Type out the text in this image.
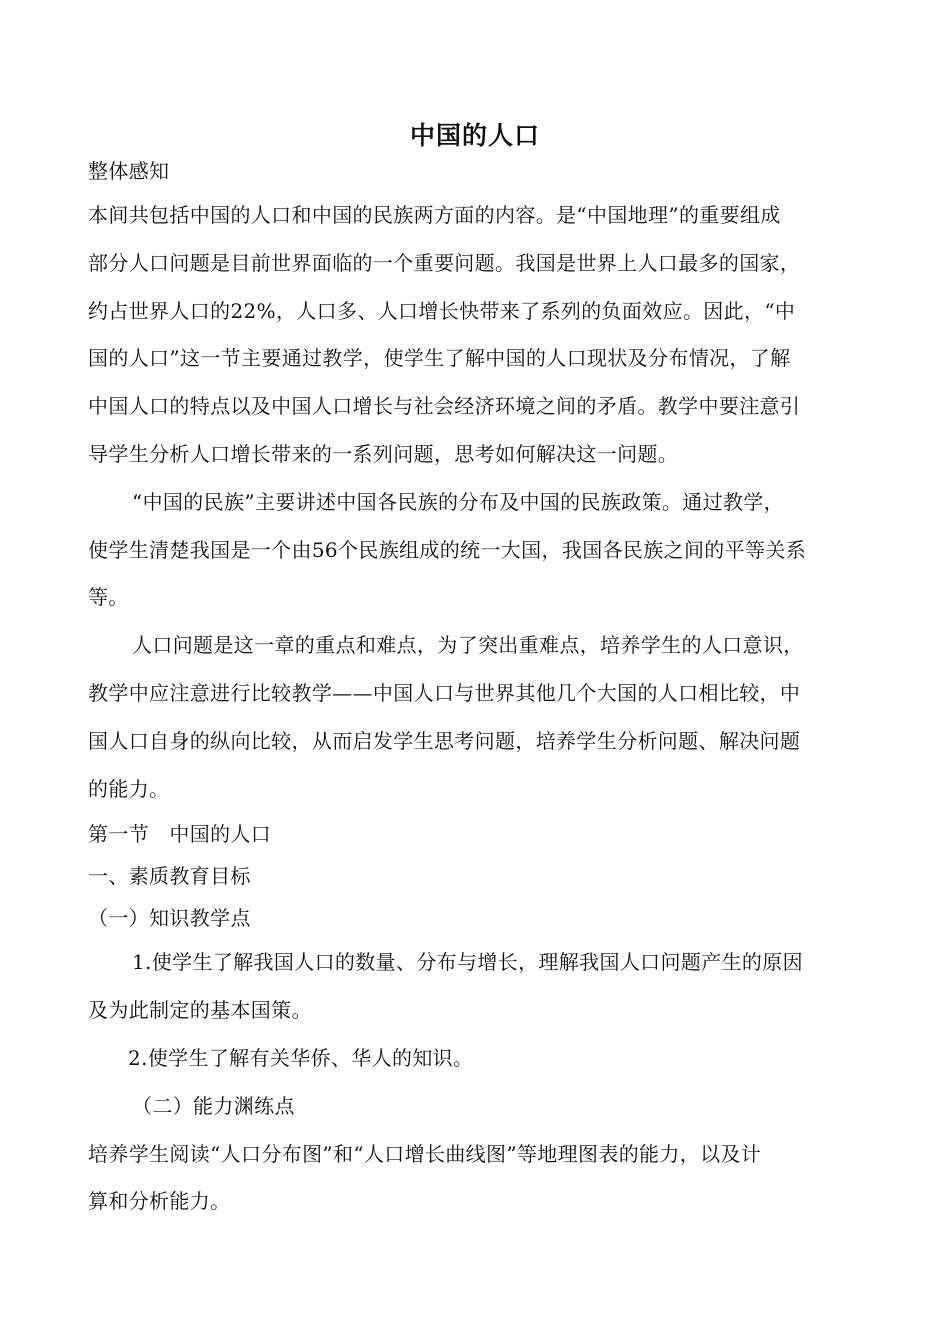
中国的人口
整体感知
本间共包括中国的人口和中国的民族两方面的内容。是“中国地理”的重要组成
部分人口问题是目前世界面临的一个重要问题。我国是世界上人口最多的国家，
约占世界人口的22%，人口多、人口增长快带来了系列的负面效应。因此，“中
国的人口”这一节主要通过教学，使学生了解中国的人口现状及分布情况，了解
中国人口的特点以及中国人口增长与社会经济环境之间的矛盾。教学中要注意引
导学生分析人口增长带来的一系列问题，思考如何解决这一问题。
“中国的民族”主要讲述中国各民族的分布及中国的民族政策。通过教学，
使学生清楚我国是一个由56个民族组成的统一大国，我国各民族之间的平等关系
等。
人口问题是这一章的重点和难点，为了突出重难点，培养学生的人口意识，
教学中应注意进行比较教学——中国人口与世界其他几个大国的人口相比较，中
国人口自身的纵向比较，从而启发学生思考问题，培养学生分析问题、解决问题
的能力。
第一节　中国的人口
一、素质教育目标
（一）知识教学点
1.使学生了解我国人口的数量、分布与增长，理解我国人口问题产生的原因
及为此制定的基本国策。
2.使学生了解有关华侨、华人的知识。
（二）能力渊练点
培养学生阅读“人口分布图”和“人口增长曲线图”等地理图表的能力，以及计
算和分析能力。
